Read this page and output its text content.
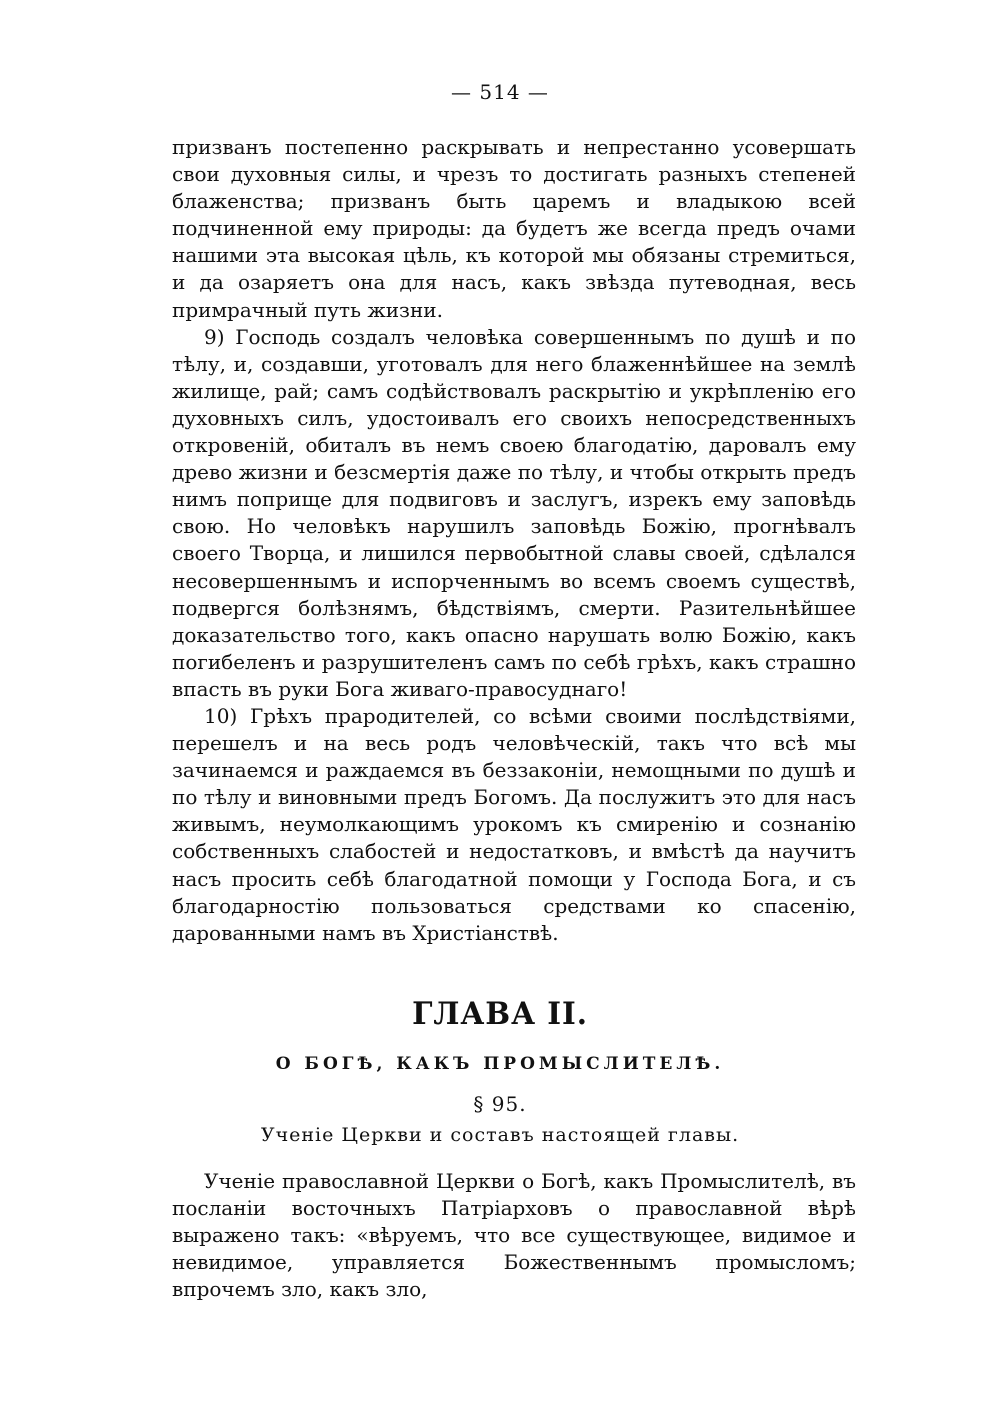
— 514 —

призванъ постепенно раскрывать и непрестанно усовершать свои духовныя силы, и чрезъ то достигать разныхъ степеней блаженства; призванъ быть царемъ и владыкою всей подчиненной ему природы: да будетъ же всегда предъ очами нашими эта высокая цѣль, къ которой мы обязаны стремиться, и да озаряетъ она для насъ, какъ звѣзда путеводная, весь примрачный путь жизни.

9) Господь создалъ человѣка совершеннымъ по душѣ и по тѣлу, и, создавши, уготовалъ для него блаженнѣйшее на землѣ жилище, рай; самъ содѣйствовалъ раскрытію и укрѣпленію его духовныхъ силъ, удостоивалъ его своихъ непосредственныхъ откровеній, обиталъ въ немъ своею благодатію, даровалъ ему древо жизни и безсмертія даже по тѣлу, и чтобы открыть предъ нимъ поприще для подвиговъ и заслугъ, изрекъ ему заповѣдь свою. Но человѣкъ нарушилъ заповѣдь Божію, прогнѣвалъ своего Творца, и лишился первобытной славы своей, сдѣлался несовершеннымъ и испорченнымъ во всемъ своемъ существѣ, подвергся болѣзнямъ, бѣдствіямъ, смерти. Разительнѣйшее доказательство того, какъ опасно нарушать волю Божію, какъ погибеленъ и разрушителенъ самъ по себѣ грѣхъ, какъ страшно впасть въ руки Бога живаго-правосуднаго!

10) Грѣхъ прародителей, со всѣми своими послѣдствіями, перешелъ и на весь родъ человѣческій, такъ что всѣ мы зачинаемся и раждаемся въ беззаконіи, немощными по душѣ и по тѣлу и виновными предъ Богомъ. Да послужитъ это для насъ живымъ, неумолкающимъ урокомъ къ смиренію и сознанію собственныхъ слабостей и недостатковъ, и вмѣстѣ да научитъ насъ просить себѣ благодатной помощи у Господа Бога, и съ благодарностію пользоваться средствами ко спасенію, дарованными намъ въ Христіанствѣ.

ГЛАВА II.
О БОГѢ, КАКЪ ПРОМЫСЛИТЕЛѢ.
§ 95.
Ученіе Церкви и составъ настоящей главы.

Ученіе православной Церкви о Богѣ, какъ Промыслителѣ, въ посланіи восточныхъ Патріарховъ о православной вѣрѣ выражено такъ: «вѣруемъ, что все существующее, видимое и невидимое, управляется Божественнымъ промысломъ; впрочемъ зло, какъ зло,
